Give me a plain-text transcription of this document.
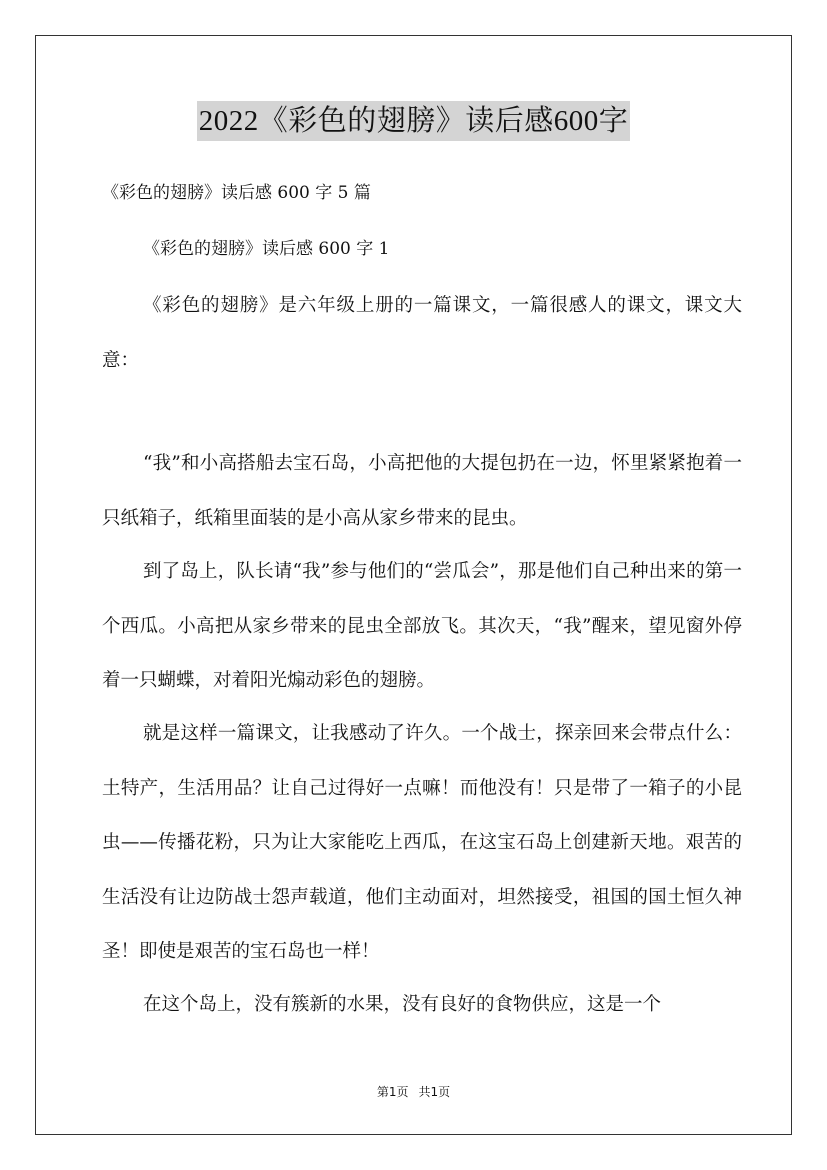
2022《彩色的翅膀》读后感600字
《彩色的翅膀》读后感 600 字 5 篇
《彩色的翅膀》读后感 600 字 1

《彩色的翅膀》是六年级上册的一篇课文，一篇很感人的课文，课文大意：

“我”和小高搭船去宝石岛，小高把他的大提包扔在一边，怀里紧紧抱着一只纸箱子，纸箱里面装的是小高从家乡带来的昆虫。

到了岛上，队长请“我”参与他们的“尝瓜会”，那是他们自己种出来的第一个西瓜。小高把从家乡带来的昆虫全部放飞。其次天，“我”醒来，望见窗外停着一只蝴蝶，对着阳光煽动彩色的翅膀。

就是这样一篇课文，让我感动了许久。一个战士，探亲回来会带点什么：土特产，生活用品？让自己过得好一点嘛！而他没有！只是带了一箱子的小昆虫——传播花粉，只为让大家能吃上西瓜，在这宝石岛上创建新天地。艰苦的生活没有让边防战士怨声载道，他们主动面对，坦然接受，祖国的国土恒久神圣！即使是艰苦的宝石岛也一样！

在这个岛上，没有簇新的水果，没有良好的食物供应，这是一个

第1页 共1页
